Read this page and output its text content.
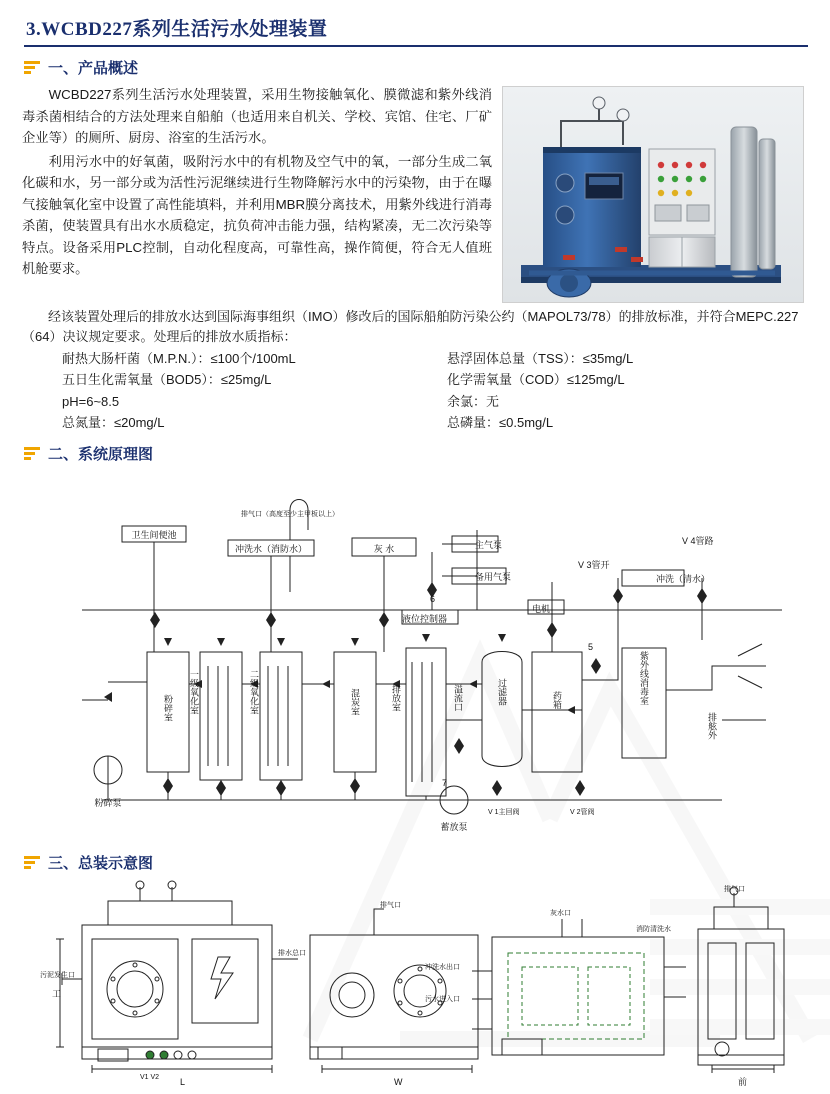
3.WCBD227系列生活污水处理装置
一、产品概述

WCBD227系列生活污水处理装置，采用生物接触氧化、膜微滤和紫外线消毒杀菌相结合的方法处理来自船舶（也适用来自机关、学校、宾馆、住宅、厂矿企业等）的厕所、厨房、浴室的生活污水。

利用污水中的好氧菌，吸附污水中的有机物及空气中的氧，一部分生成二氧化碳和水，另一部分或为活性污泥继续进行生物降解污水中的污染物，由于在曝气接触氧化室中设置了高性能填料，并利用MBR膜分离技术，用紫外线进行消毒杀菌，使装置具有出水水质稳定，抗负荷冲击能力强，结构紧凑，无二次污染等特点。设备采用PLC控制，自动化程度高，可靠性高，操作简便，符合无人值班机舱要求。

经该装置处理后的排放水达到国际海事组织（IMO）修改后的国际船舶防污染公约（MAPOL73/78）的排放标准，并符合MEPC.227（64）决议规定要求。处理后的排放水质指标：

耐热大肠杆菌（M.P.N.）：≤100个/100mL	悬浮固体总量（TSS）：≤35mg/L
五日生化需氧量（BOD5）：≤25mg/L	化学需氧量（COD）≤125mg/L
pH=6~8.5	余氯：无
总氮量：≤20mg/L	总磷量：≤0.5mg/L
二、系统原理图
排气口（高度至少主甲板以上）
卫生间便池
冲洗水（消防水）	灰 水	主气泵
备用气泵
V 4管路
V 3管开
冲洗（清水）
液位控制器
电机
6
7
5
粉碎室 一级氧化室	二级氧化室	混炭室	排放室	溢流口	过滤器	药箱	紫外线消毒室
排舷外
粉碎泵
蓄放泵
V 1主回阀	V 2管阀
三、总装示意图
污泥发生口
排水总口
工
L
V1 V2
排气口
W
灰水口
消防清洗水
冲洗水出口
污水进入口
排气口
前
